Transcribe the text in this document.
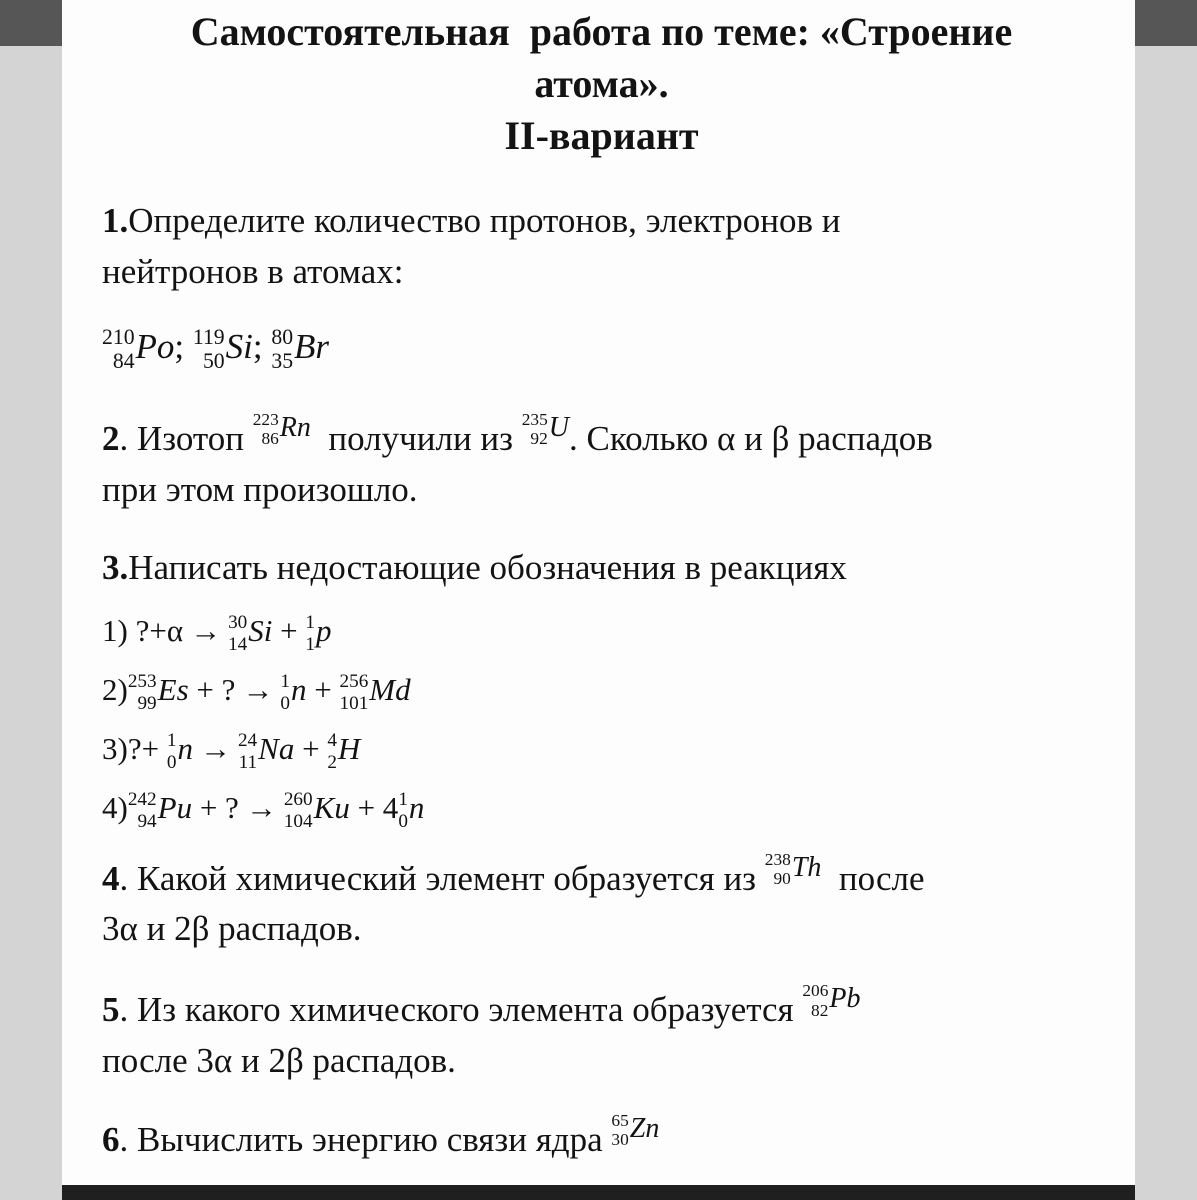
Самостоятельная  работа по теме: «Строение
атома».
II-вариант

1.Определите количество протонов, электронов и
нейтронов в атомах:

210
84 Po; 119
50 Si; 80
35 Br

2. Изотоп $^{223 86 Rn}$ получили из $^{235 92 U}$. Сколько α и β распадов
при этом произошло.

3.Написать недостающие обозначения в реакциях

1) ?+α → 30
14 Si + 1
1 p
2) 253
99 Es + ? → 1
0 n + 256
101 Md
3)?+ 1
0 n → 24
11 Na + 4
2 H
4) 242
94 Pu + ? → 260
104 Ku + 4 1
0 n

4. Какой химический элемент образуется из $^{238 90 Th}$ после
3α и 2β распадов.

5. Из какого химического элемента образуется $^{206 82 Pb}$
после 3α и 2β распадов.

6. Вычислить энергию связи ядра $^{65 30 Zn}$
